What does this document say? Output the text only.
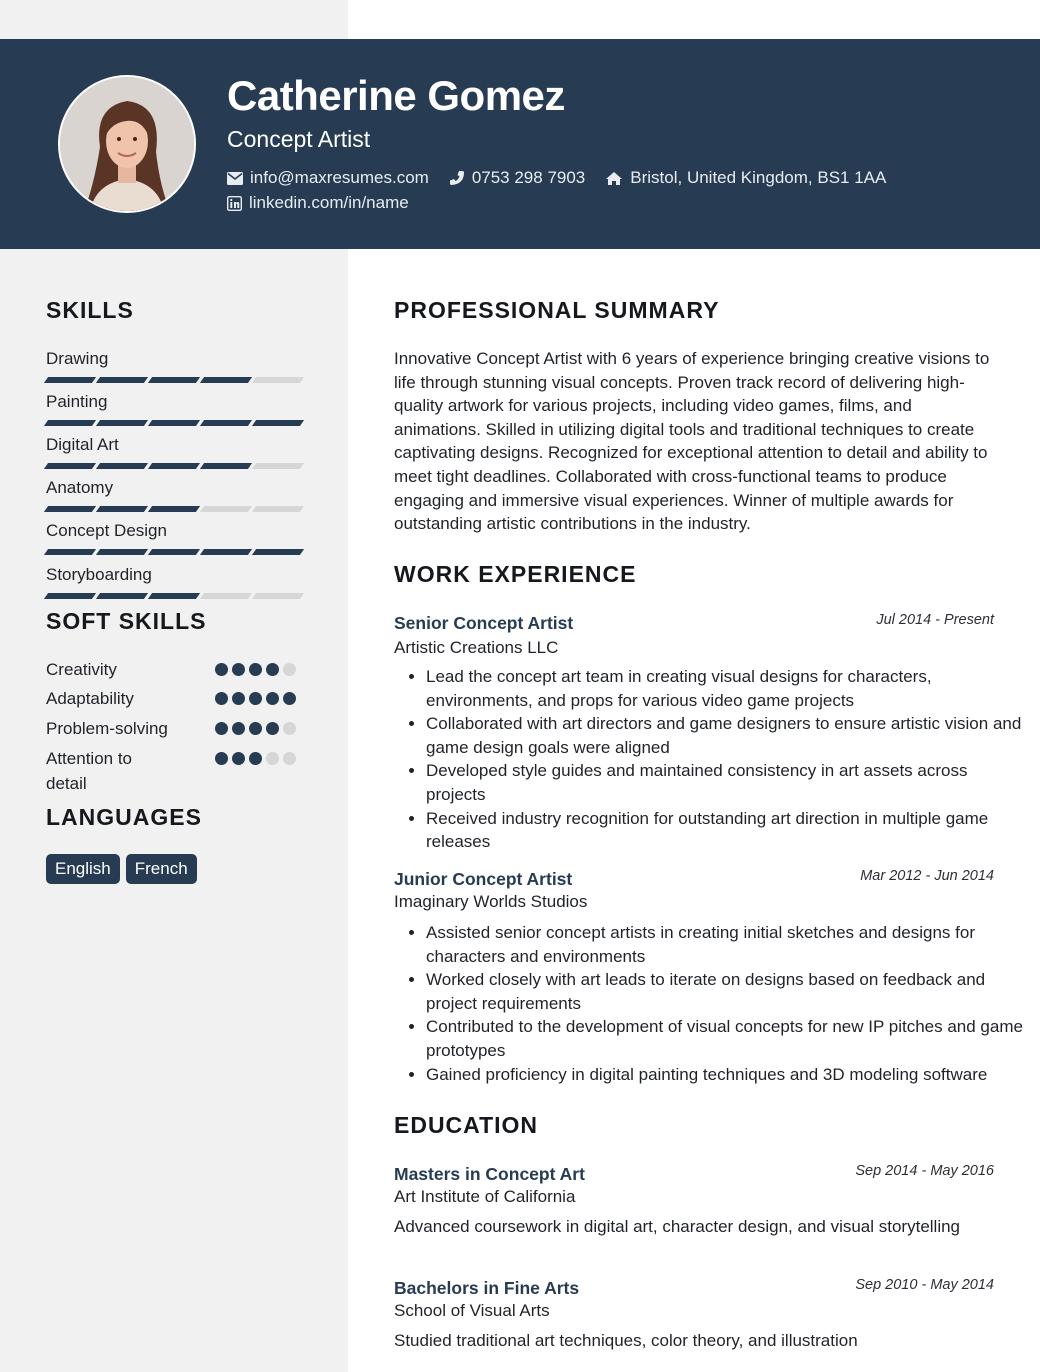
Catherine Gomez
Concept Artist
info@maxresumes.com	0753 298 7903	Bristol, United Kingdom, BS1 1AA
linkedin.com/in/name
SKILLS
Drawing
Painting
Digital Art
Anatomy
Concept Design
Storyboarding
SOFT SKILLS
Creativity
Adaptability
Problem-solving
Attention to detail
LANGUAGES
English	French
PROFESSIONAL SUMMARY
Innovative Concept Artist with 6 years of experience bringing creative visions to life through stunning visual concepts. Proven track record of delivering high-quality artwork for various projects, including video games, films, and animations. Skilled in utilizing digital tools and traditional techniques to create captivating designs. Recognized for exceptional attention to detail and ability to meet tight deadlines. Collaborated with cross-functional teams to produce engaging and immersive visual experiences. Winner of multiple awards for outstanding artistic contributions in the industry.
WORK EXPERIENCE
Senior Concept Artist	Jul 2014 - Present
Artistic Creations LLC
• Lead the concept art team in creating visual designs for characters, environments, and props for various video game projects
• Collaborated with art directors and game designers to ensure artistic vision and game design goals were aligned
• Developed style guides and maintained consistency in art assets across projects
• Received industry recognition for outstanding art direction in multiple game releases
Junior Concept Artist	Mar 2012 - Jun 2014
Imaginary Worlds Studios
• Assisted senior concept artists in creating initial sketches and designs for characters and environments
• Worked closely with art leads to iterate on designs based on feedback and project requirements
• Contributed to the development of visual concepts for new IP pitches and game prototypes
• Gained proficiency in digital painting techniques and 3D modeling software
EDUCATION
Masters in Concept Art	Sep 2014 - May 2016
Art Institute of California
Advanced coursework in digital art, character design, and visual storytelling
Bachelors in Fine Arts	Sep 2010 - May 2014
School of Visual Arts
Studied traditional art techniques, color theory, and illustration
